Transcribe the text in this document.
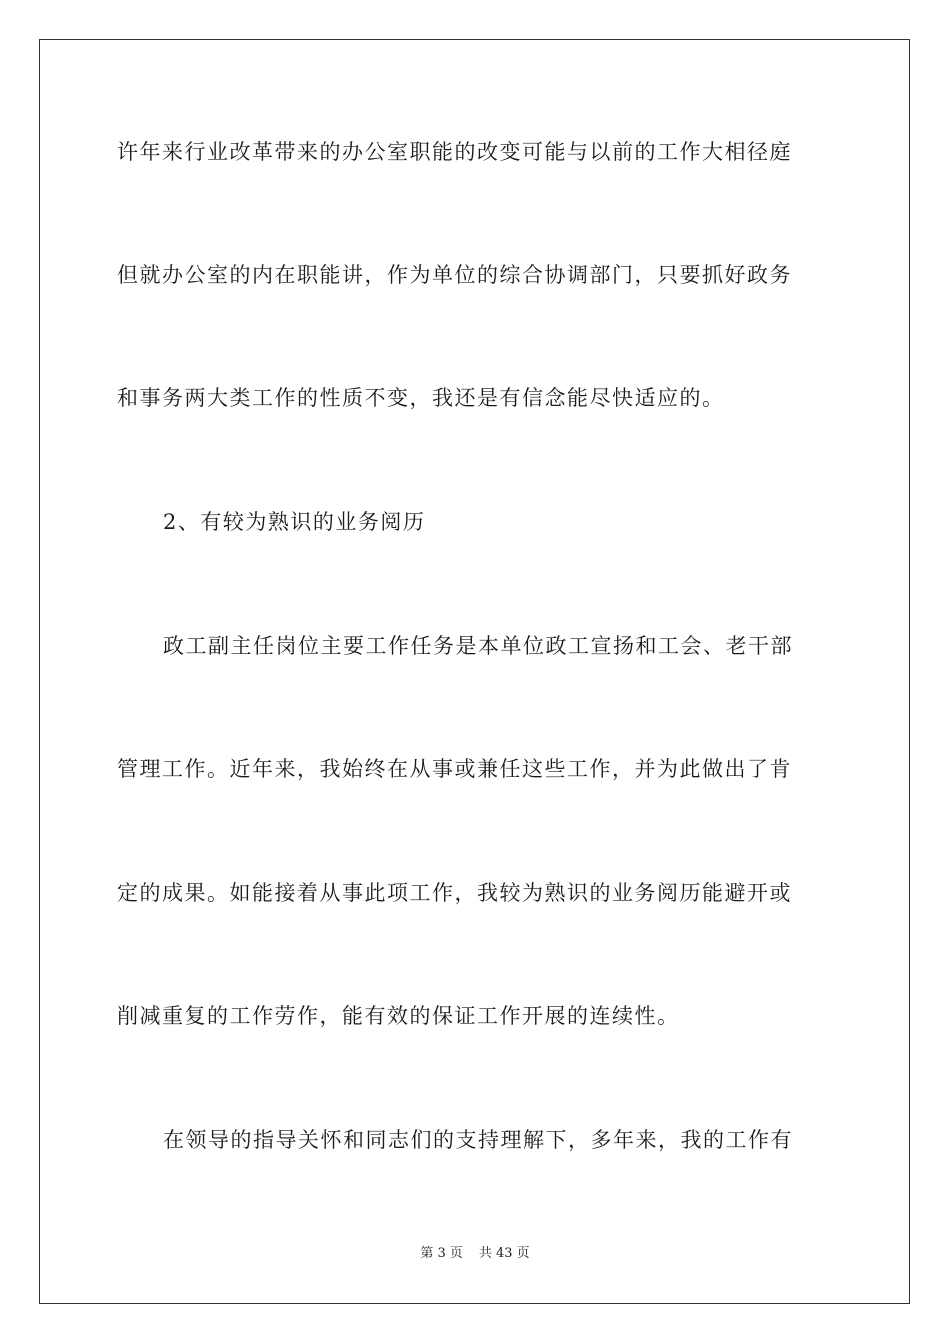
许年来行业改革带来的办公室职能的改变可能与以前的工作大相径庭
但就办公室的内在职能讲，作为单位的综合协调部门，只要抓好政务
和事务两大类工作的性质不变，我还是有信念能尽快适应的。
2、有较为熟识的业务阅历
政工副主任岗位主要工作任务是本单位政工宣扬和工会、老干部
管理工作。近年来，我始终在从事或兼任这些工作，并为此做出了肯
定的成果。如能接着从事此项工作，我较为熟识的业务阅历能避开或
削减重复的工作劳作，能有效的保证工作开展的连续性。
在领导的指导关怀和同志们的支持理解下，多年来，我的工作有
第 3 页 共 43 页
